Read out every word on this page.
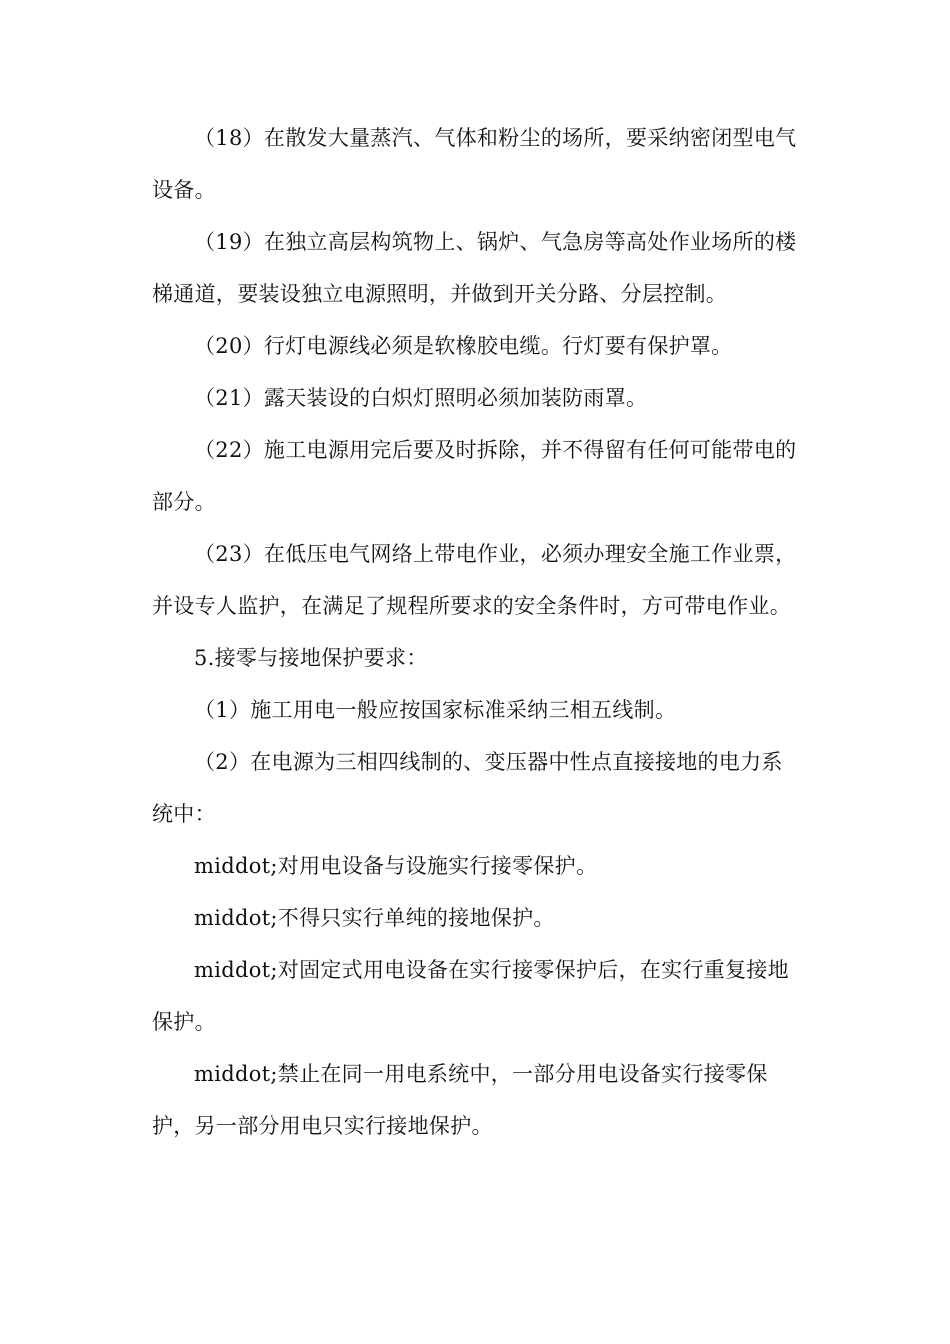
（18）在散发大量蒸汽、气体和粉尘的场所，要采纳密闭型电气设备。

（19）在独立高层构筑物上、锅炉、气急房等高处作业场所的楼梯通道，要装设独立电源照明，并做到开关分路、分层控制。

（20）行灯电源线必须是软橡胶电缆。行灯要有保护罩。

（21）露天装设的白炽灯照明必须加装防雨罩。

（22）施工电源用完后要及时拆除，并不得留有任何可能带电的部分。

（23）在低压电气网络上带电作业，必须办理安全施工作业票，并设专人监护，在满足了规程所要求的安全条件时，方可带电作业。

5.接零与接地保护要求：

（1）施工用电一般应按国家标准采纳三相五线制。

（2）在电源为三相四线制的、变压器中性点直接接地的电力系统中：

middot;对用电设备与设施实行接零保护。

middot;不得只实行单纯的接地保护。

middot;对固定式用电设备在实行接零保护后，在实行重复接地保护。

middot;禁止在同一用电系统中，一部分用电设备实行接零保护，另一部分用电只实行接地保护。
